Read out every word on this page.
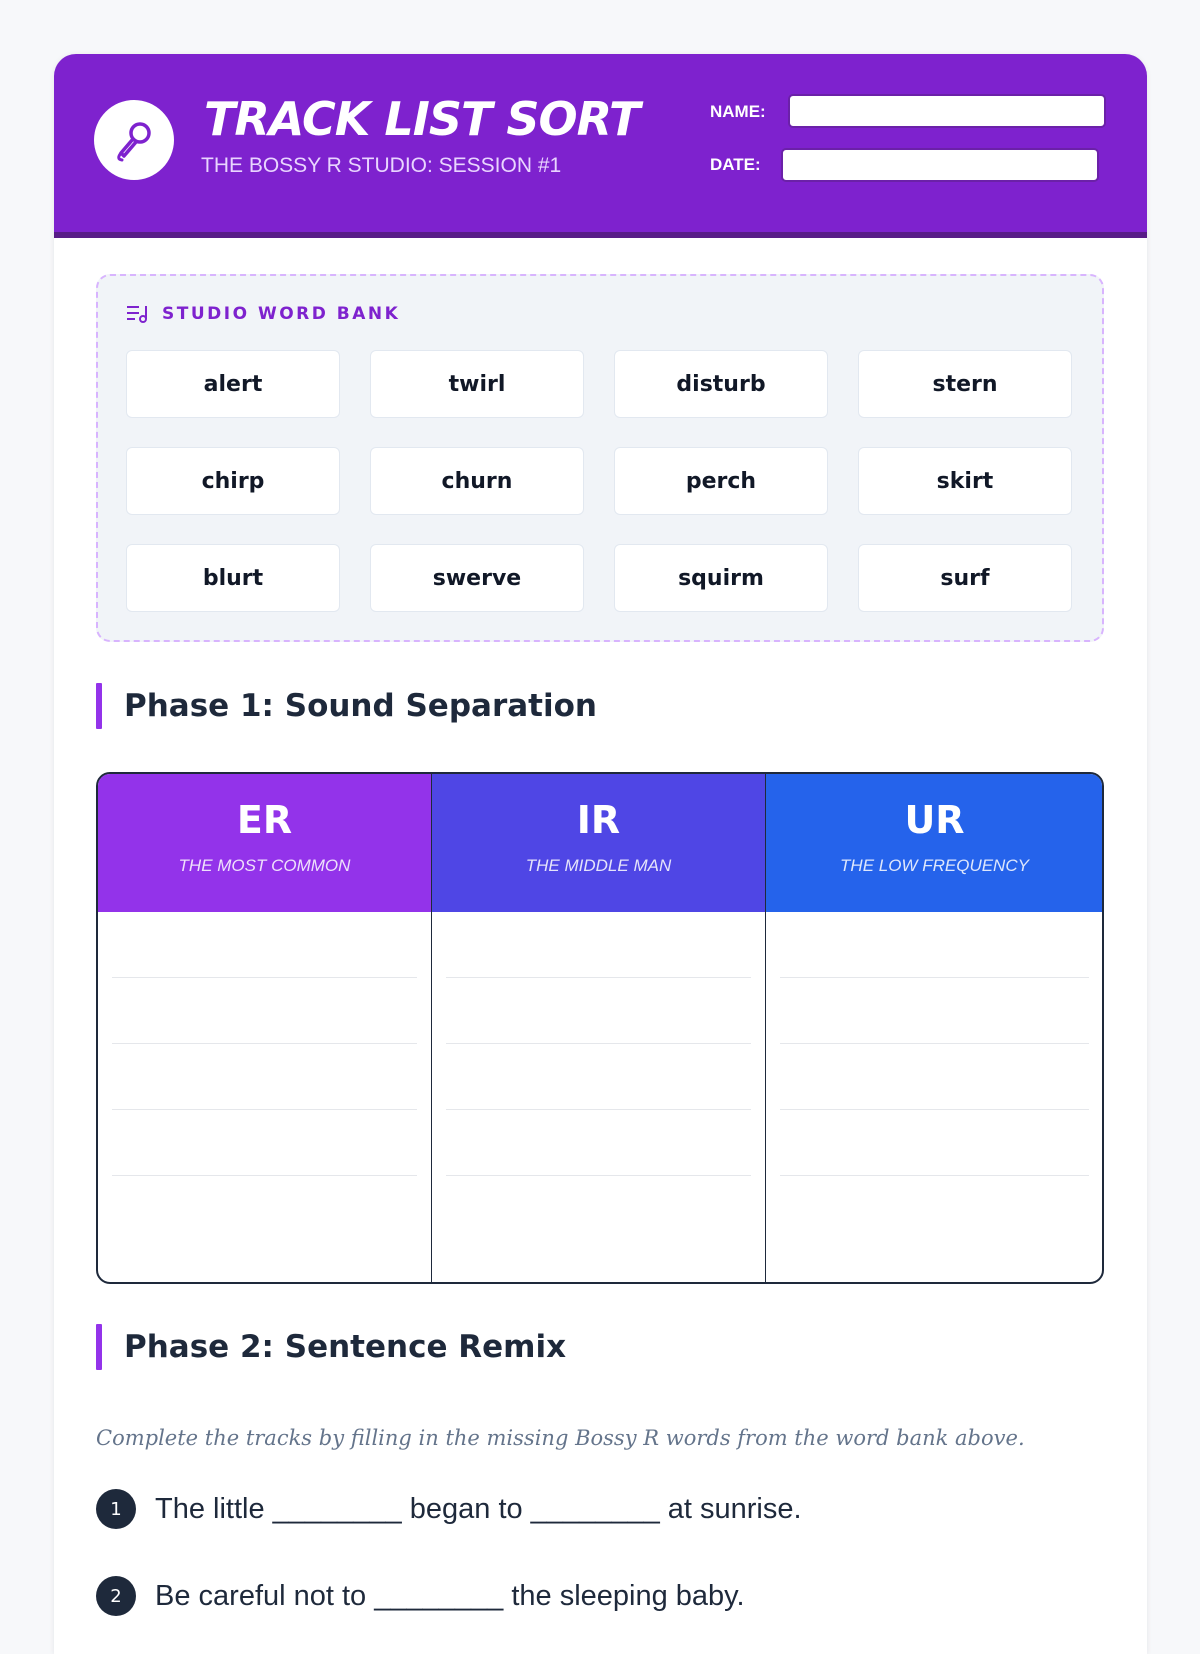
TRACK LIST SORT
THE BOSSY R STUDIO: SESSION #1
NAME:
DATE:
STUDIO WORD BANK
alert	twirl	disturb	stern
chirp	churn	perch	skirt
blurt	swerve	squirm	surf
Phase 1: Sound Separation
ER
THE MOST COMMON
IR
THE MIDDLE MAN
UR
THE LOW FREQUENCY
Phase 2: Sentence Remix
Complete the tracks by filling in the missing Bossy R words from the word bank above.
1	The little ________ began to ________ at sunrise.
2	Be careful not to ________ the sleeping baby.
